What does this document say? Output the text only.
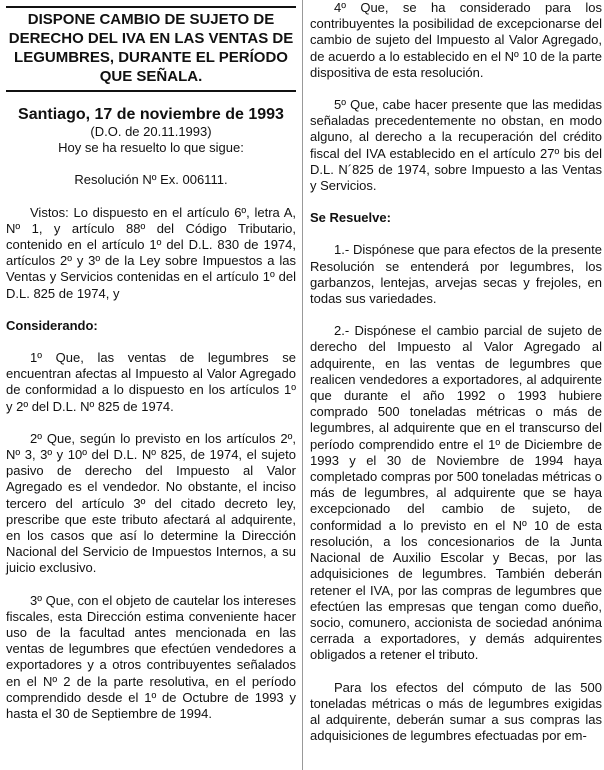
DISPONE CAMBIO DE SUJETO DE DERECHO DEL IVA EN LAS VENTAS DE LEGUMBRES, DURANTE EL PERÍODO QUE SEÑALA.
Santiago, 17 de noviembre de 1993
(D.O. de 20.11.1993)
Hoy se ha resuelto lo que sigue:
Resolución Nº Ex. 006111.

Vistos: Lo dispuesto en el artículo 6º, letra A, Nº 1, y artículo 88º del Código Tributario, contenido en el artículo 1º del D.L. 830 de 1974, artículos 2º y 3º de la Ley sobre Impuestos a las Ventas y Servicios contenidas en el artículo 1º del D.L. 825 de 1974, y

Considerando:

1º Que, las ventas de legumbres se encuentran afectas al Impuesto al Valor Agregado de conformidad a lo dispuesto en los artículos 1º y 2º del D.L. Nº 825 de 1974.

2º Que, según lo previsto en los artículos 2º, Nº 3, 3º y 10º del D.L. Nº 825, de 1974, el sujeto pasivo de derecho del Impuesto al Valor Agregado es el vendedor. No obstante, el inciso tercero del artículo 3º del citado decreto ley, prescribe que este tributo afectará al adquirente, en los casos que así lo determine la Dirección Nacional del Servicio de Impuestos Internos, a su juicio exclusivo.

3º Que, con el objeto de cautelar los intereses fiscales, esta Dirección estima conveniente hacer uso de la facultad antes mencionada en las ventas de legumbres que efectúen vendedores a exportadores y a otros contribuyentes señalados en el Nº 2 de la parte resolutiva, en el período comprendido desde el 1º de Octubre de 1993 y hasta el 30 de Septiembre de 1994.

4º Que, se ha considerado para los contribuyentes la posibilidad de excepcionarse del cambio de sujeto del Impuesto al Valor Agregado, de acuerdo a lo establecido en el Nº 10 de la parte dispositiva de esta resolución.

5º Que, cabe hacer presente que las medidas señaladas precedentemente no obstan, en modo alguno, al derecho a la recuperación del crédito fiscal del IVA establecido en el artículo 27º bis del D.L. N´825 de 1974, sobre Impuesto a las Ventas y Servicios.

Se Resuelve:

1.- Dispónese que para efectos de la presente Resolución se entenderá por legumbres, los garbanzos, lentejas, arvejas secas y frejoles, en todas sus variedades.

2.- Dispónese el cambio parcial de sujeto de derecho del Impuesto al Valor Agregado al adquirente, en las ventas de legumbres que realicen vendedores a exportadores, al adquirente que durante el año 1992 o 1993 hubiere comprado 500 toneladas métricas o más de legumbres, al adquirente que en el transcurso del período comprendido entre el 1º de Diciembre de 1993 y el 30 de Noviembre de 1994 haya completado compras por 500 toneladas métricas o más de legumbres, al adquirente que se haya excepcionado del cambio de sujeto, de conformidad a lo previsto en el Nº 10 de esta resolución, a los concesionarios de la Junta Nacional de Auxilio Escolar y Becas, por las adquisiciones de legumbres. También deberán retener el IVA, por las compras de legumbres que efectúen las empresas que tengan como dueño, socio, comunero, accionista de sociedad anónima cerrada a exportadores, y demás adquirentes obligados a retener el tributo.

Para los efectos del cómputo de las 500 toneladas métricas o más de legumbres exigidas al adquirente, deberán sumar a sus compras las adquisiciones de legumbres efectuadas por em-
